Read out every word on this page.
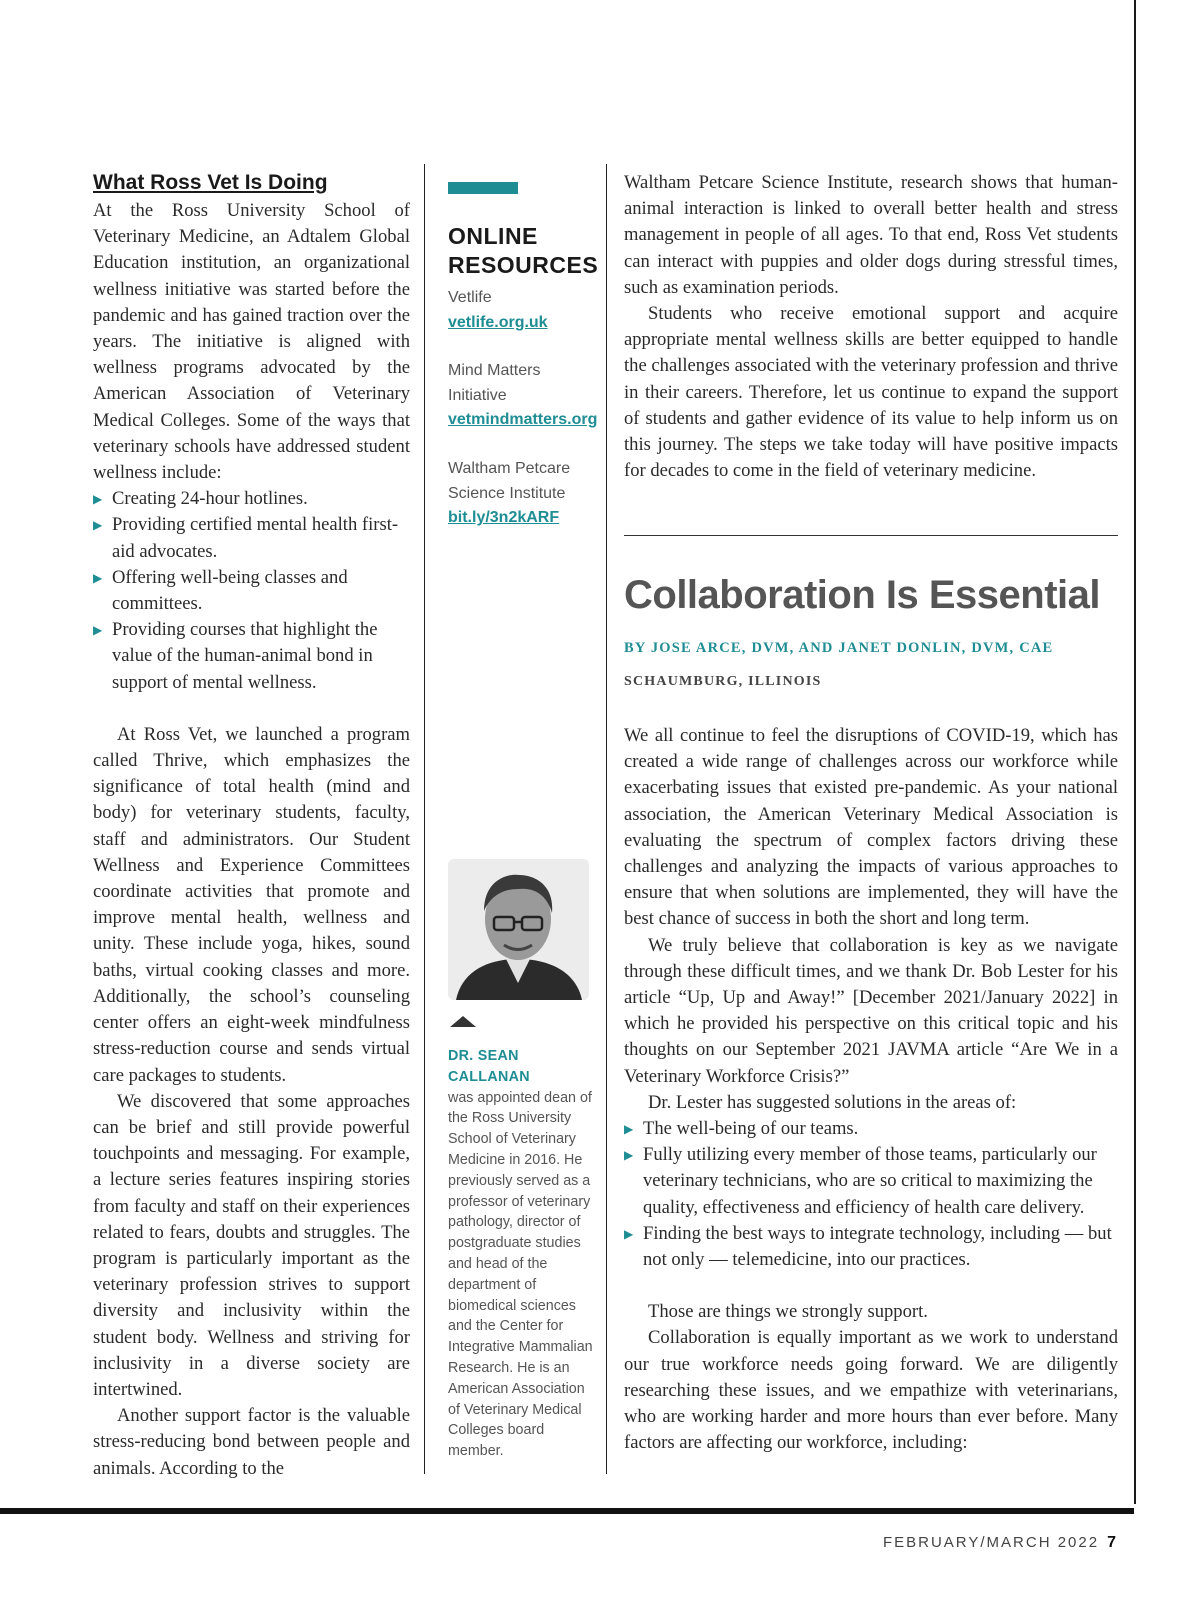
What Ross Vet Is Doing

At the Ross University School of Veterinary Medicine, an Adtalem Global Education institution, an organizational wellness initiative was started before the pandemic and has gained traction over the years. The initiative is aligned with wellness programs advocated by the American Association of Veterinary Medical Colleges. Some of the ways that veterinary schools have addressed student wellness include:

▶ Creating 24-hour hotlines.
▶ Providing certified mental health first-aid advocates.
▶ Offering well-being classes and committees.
▶ Providing courses that highlight the value of the human-animal bond in support of mental wellness.

At Ross Vet, we launched a program called Thrive, which emphasizes the significance of total health (mind and body) for veterinary students, faculty, staff and administrators. Our Student Wellness and Experience Committees coordinate activities that promote and improve mental health, wellness and unity. These include yoga, hikes, sound baths, virtual cooking classes and more. Additionally, the school’s counseling center offers an eight-week mindfulness stress-reduction course and sends virtual care packages to students.

We discovered that some approaches can be brief and still provide powerful touchpoints and messaging. For example, a lecture series features inspiring stories from faculty and staff on their experiences related to fears, doubts and struggles. The program is particularly important as the veterinary profession strives to support diversity and inclusivity within the student body. Wellness and striving for inclusivity in a diverse society are intertwined.

Another support factor is the valuable stress-reducing bond between people and animals. According to the

ONLINE
RESOURCES
Vetlife
vetlife.org.uk
Mind Matters Initiative
vetmindmatters.org
Waltham Petcare Science Institute
bit.ly/3n2kARF
DR. SEAN CALLANAN
was appointed dean of the Ross University School of Veterinary Medicine in 2016. He previously served as a professor of veterinary pathology, director of postgraduate studies and head of the department of biomedical sciences and the Center for Integrative Mammalian Research. He is an American Association of Veterinary Medical Colleges board member.

Waltham Petcare Science Institute, research shows that human-animal interaction is linked to overall better health and stress management in people of all ages. To that end, Ross Vet students can interact with puppies and older dogs during stressful times, such as examination periods.

Students who receive emotional support and acquire appropriate mental wellness skills are better equipped to handle the challenges associated with the veterinary profession and thrive in their careers. Therefore, let us continue to expand the support of students and gather evidence of its value to help inform us on this journey. The steps we take today will have positive impacts for decades to come in the field of veterinary medicine.

Collaboration Is Essential
BY JOSE ARCE, DVM, AND JANET DONLIN, DVM, CAE
SCHAUMBURG, ILLINOIS

We all continue to feel the disruptions of COVID-19, which has created a wide range of challenges across our workforce while exacerbating issues that existed pre-pandemic. As your national association, the American Veterinary Medical Association is evaluating the spectrum of complex factors driving these challenges and analyzing the impacts of various approaches to ensure that when solutions are implemented, they will have the best chance of success in both the short and long term.

We truly believe that collaboration is key as we navigate through these difficult times, and we thank Dr. Bob Lester for his article “Up, Up and Away!” [December 2021/January 2022] in which he provided his perspective on this critical topic and his thoughts on our September 2021 JAVMA article “Are We in a Veterinary Workforce Crisis?”

Dr. Lester has suggested solutions in the areas of:

▶ The well-being of our teams.
▶ Fully utilizing every member of those teams, particularly our veterinary technicians, who are so critical to maximizing the quality, effectiveness and efficiency of health care delivery.
▶ Finding the best ways to integrate technology, including — but not only — telemedicine, into our practices.

Those are things we strongly support.

Collaboration is equally important as we work to understand our true workforce needs going forward. We are diligently researching these issues, and we empathize with veterinarians, who are working harder and more hours than ever before. Many factors are affecting our workforce, including:

FEBRUARY/MARCH 2022 7
